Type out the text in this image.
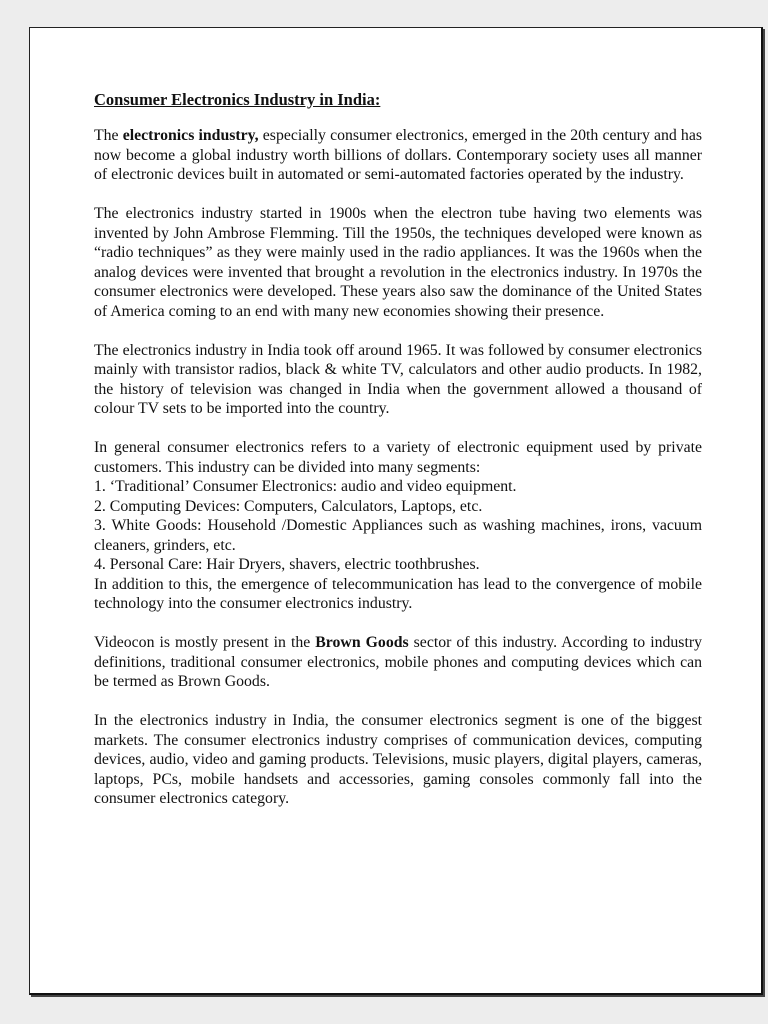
Consumer Electronics Industry in India:

The electronics industry, especially consumer electronics, emerged in the 20th century and has now become a global industry worth billions of dollars. Contemporary society uses all manner of electronic devices built in automated or semi-automated factories operated by the industry.

The electronics industry started in 1900s when the electron tube having two elements was invented by John Ambrose Flemming. Till the 1950s, the techniques developed were known as “radio techniques” as they were mainly used in the radio appliances. It was the 1960s when the analog devices were invented that brought a revolution in the electronics industry. In 1970s the consumer electronics were developed. These years also saw the dominance of the United States of America coming to an end with many new economies showing their presence.

The electronics industry in India took off around 1965. It was followed by consumer electronics mainly with transistor radios, black & white TV, calculators and other audio products. In 1982, the history of television was changed in India when the government allowed a thousand of colour TV sets to be imported into the country.

In general consumer electronics refers to a variety of electronic equipment used by private customers. This industry can be divided into many segments:
1. ‘Traditional’ Consumer Electronics: audio and video equipment.
2. Computing Devices: Computers, Calculators, Laptops, etc.
3. White Goods: Household /Domestic Appliances such as washing machines, irons, vacuum cleaners, grinders, etc.
4. Personal Care: Hair Dryers, shavers, electric toothbrushes.
In addition to this, the emergence of telecommunication has lead to the convergence of mobile technology into the consumer electronics industry.

Videocon is mostly present in the Brown Goods sector of this industry. According to industry definitions, traditional consumer electronics, mobile phones and computing devices which can be termed as Brown Goods.

In the electronics industry in India, the consumer electronics segment is one of the biggest markets. The consumer electronics industry comprises of communication devices, computing devices, audio, video and gaming products. Televisions, music players, digital players, cameras, laptops, PCs, mobile handsets and accessories, gaming consoles commonly fall into the consumer electronics category.
